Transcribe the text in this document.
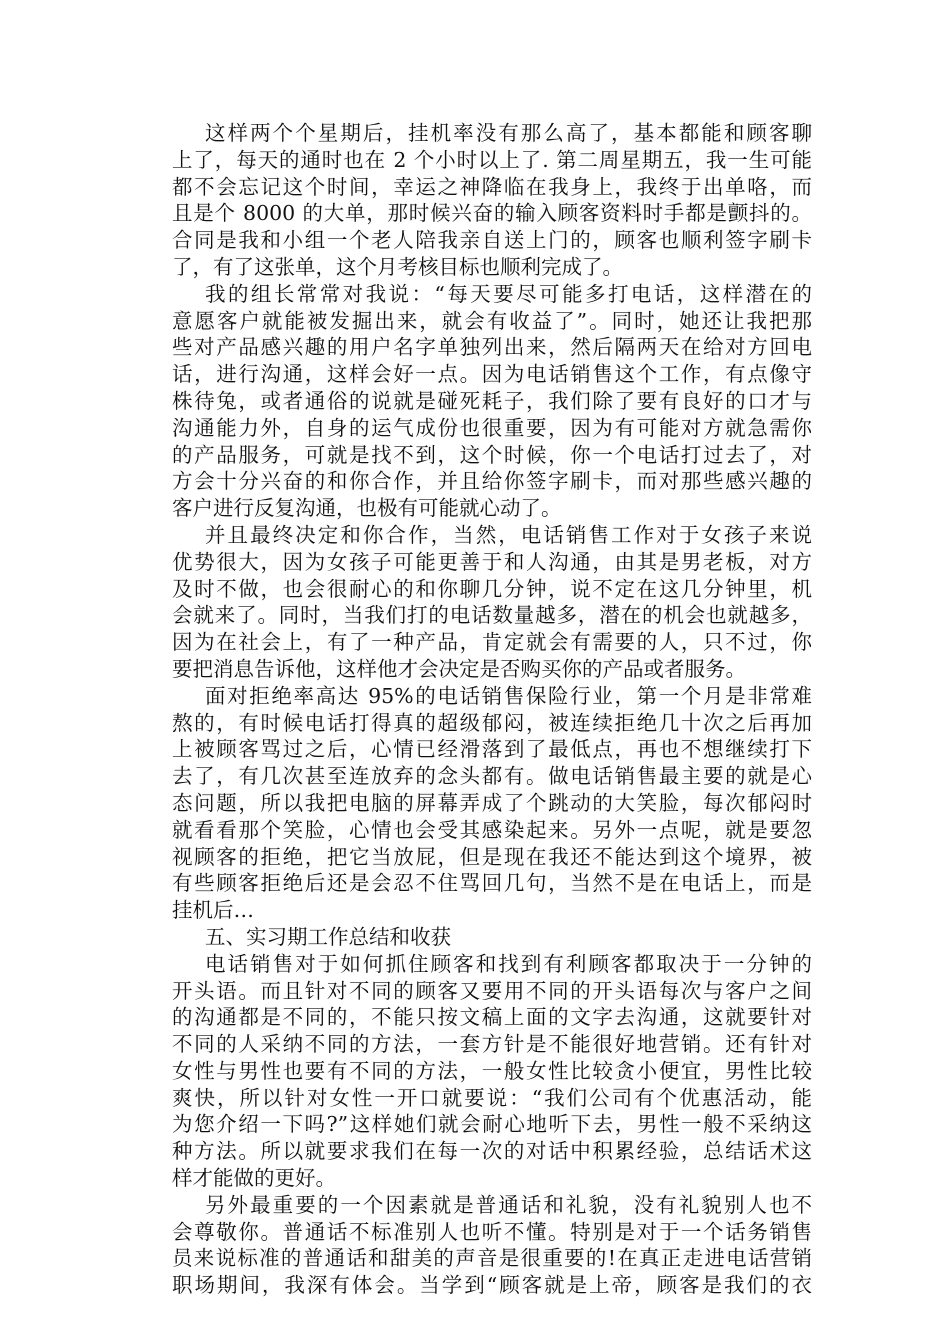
这样两个个星期后，挂机率没有那么高了，基本都能和顾客聊
上了，每天的通时也在 2 个小时以上了. 第二周星期五，我一生可能
都不会忘记这个时间，幸运之神降临在我身上，我终于出单咯，而
且是个 8000 的大单，那时候兴奋的输入顾客资料时手都是颤抖的。
合同是我和小组一个老人陪我亲自送上门的，顾客也顺利签字刷卡
了，有了这张单，这个月考核目标也顺利完成了。
我的组长常常对我说：“每天要尽可能多打电话，这样潜在的
意愿客户就能被发掘出来，就会有收益了”。同时，她还让我把那
些对产品感兴趣的用户名字单独列出来，然后隔两天在给对方回电
话，进行沟通，这样会好一点。因为电话销售这个工作，有点像守
株待兔，或者通俗的说就是碰死耗子，我们除了要有良好的口才与
沟通能力外，自身的运气成份也很重要，因为有可能对方就急需你
的产品服务，可就是找不到，这个时候，你一个电话打过去了，对
方会十分兴奋的和你合作，并且给你签字刷卡，而对那些感兴趣的
客户进行反复沟通，也极有可能就心动了。
并且最终决定和你合作，当然，电话销售工作对于女孩子来说
优势很大，因为女孩子可能更善于和人沟通，由其是男老板，对方
及时不做，也会很耐心的和你聊几分钟，说不定在这几分钟里，机
会就来了。同时，当我们打的电话数量越多，潜在的机会也就越多，
因为在社会上，有了一种产品，肯定就会有需要的人，只不过，你
要把消息告诉他，这样他才会决定是否购买你的产品或者服务。
面对拒绝率高达 95%的电话销售保险行业，第一个月是非常难
熬的，有时候电话打得真的超级郁闷，被连续拒绝几十次之后再加
上被顾客骂过之后，心情已经滑落到了最低点，再也不想继续打下
去了，有几次甚至连放弃的念头都有。做电话销售最主要的就是心
态问题，所以我把电脑的屏幕弄成了个跳动的大笑脸，每次郁闷时
就看看那个笑脸，心情也会受其感染起来。另外一点呢，就是要忽
视顾客的拒绝，把它当放屁，但是现在我还不能达到这个境界，被
有些顾客拒绝后还是会忍不住骂回几句，当然不是在电话上，而是
挂机后…
五、实习期工作总结和收获
电话销售对于如何抓住顾客和找到有利顾客都取决于一分钟的
开头语。而且针对不同的顾客又要用不同的开头语每次与客户之间
的沟通都是不同的，不能只按文稿上面的文字去沟通，这就要针对
不同的人采纳不同的方法，一套方针是不能很好地营销。还有针对
女性与男性也要有不同的方法，一般女性比较贪小便宜，男性比较
爽快，所以针对女性一开口就要说：“我们公司有个优惠活动，能
为您介绍一下吗?”这样她们就会耐心地听下去，男性一般不采纳这
种方法。所以就要求我们在每一次的对话中积累经验，总结话术这
样才能做的更好。
另外最重要的一个因素就是普通话和礼貌，没有礼貌别人也不
会尊敬你。普通话不标准别人也听不懂。特别是对于一个话务销售
员来说标准的普通话和甜美的声音是很重要的!在真正走进电话营销
职场期间，我深有体会。当学到“顾客就是上帝，顾客是我们的衣
